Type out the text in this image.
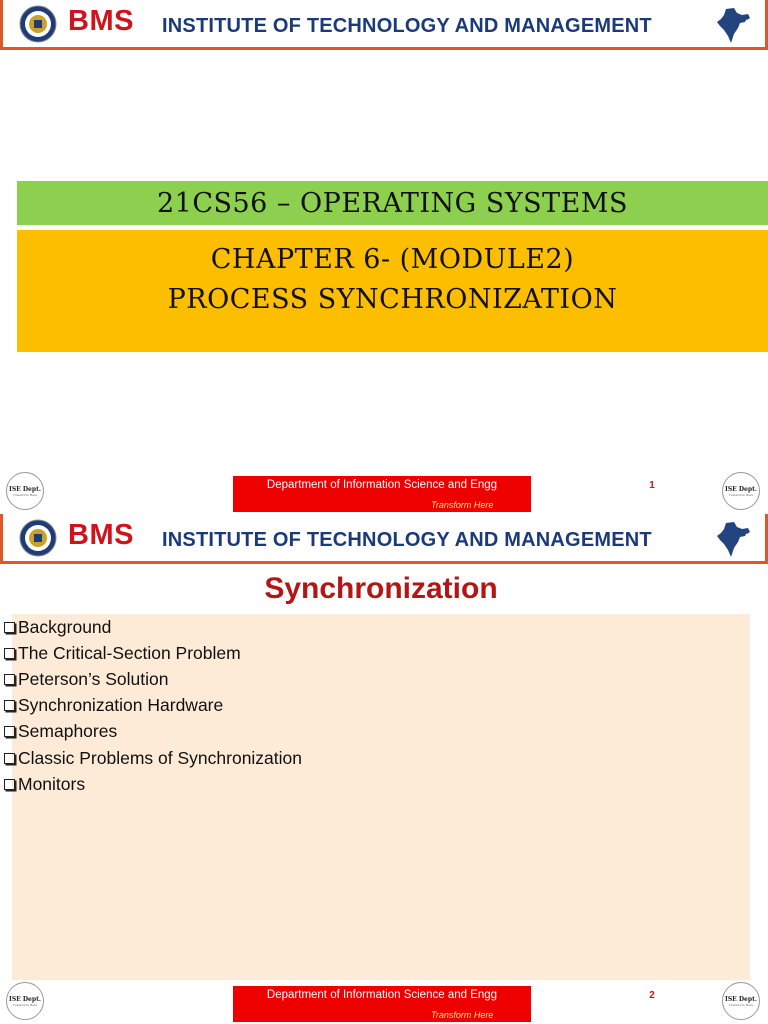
BMS INSTITUTE OF TECHNOLOGY AND MANAGEMENT
21CS56 – OPERATING SYSTEMS
CHAPTER 6- (MODULE2)
PROCESS SYNCHRONIZATION
ISE Dept.
Transform Here
Department of Information Science and Engg
Transform Here
1	ISE Dept.
Transform Here
BMS INSTITUTE OF TECHNOLOGY AND MANAGEMENT
Synchronization
Background
The Critical-Section Problem
Peterson’s Solution
Synchronization Hardware
Semaphores
Classic Problems of Synchronization
Monitors
ISE Dept.
Transform Here
Department of Information Science and Engg
Transform Here
2	ISE Dept.
Transform Here
